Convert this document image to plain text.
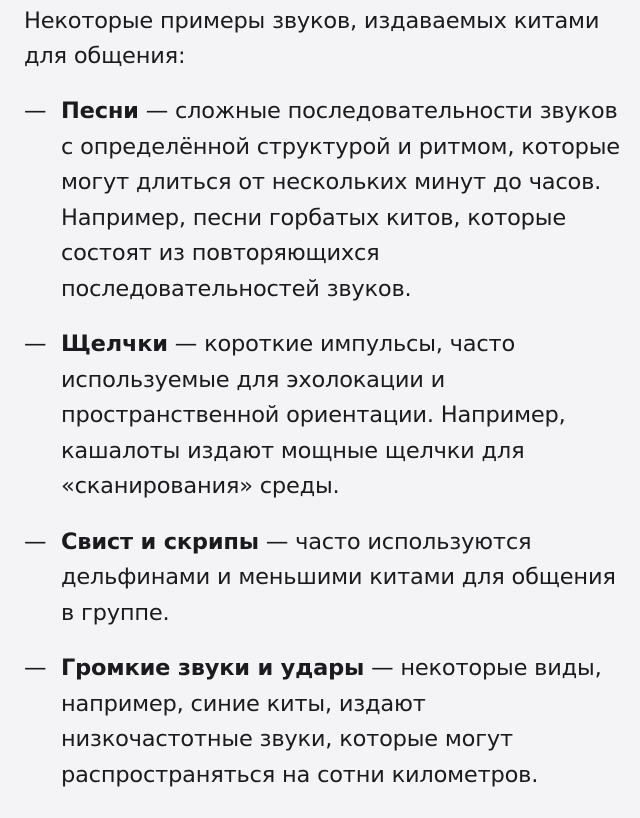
Некоторые примеры звуков, издаваемых китами для общения:

— Песни — сложные последовательности звуков с определённой структурой и ритмом, которые могут длиться от нескольких минут до часов. Например, песни горбатых китов, которые состоят из повторяющихся последовательностей звуков.
— Щелчки — короткие импульсы, часто используемые для эхолокации и пространственной ориентации. Например, кашалоты издают мощные щелчки для «сканирования» среды.
— Свист и скрипы — часто используются дельфинами и меньшими китами для общения в группе.
— Громкие звуки и удары — некоторые виды, например, синие киты, издают низкочастотные звуки, которые могут распространяться на сотни километров.
